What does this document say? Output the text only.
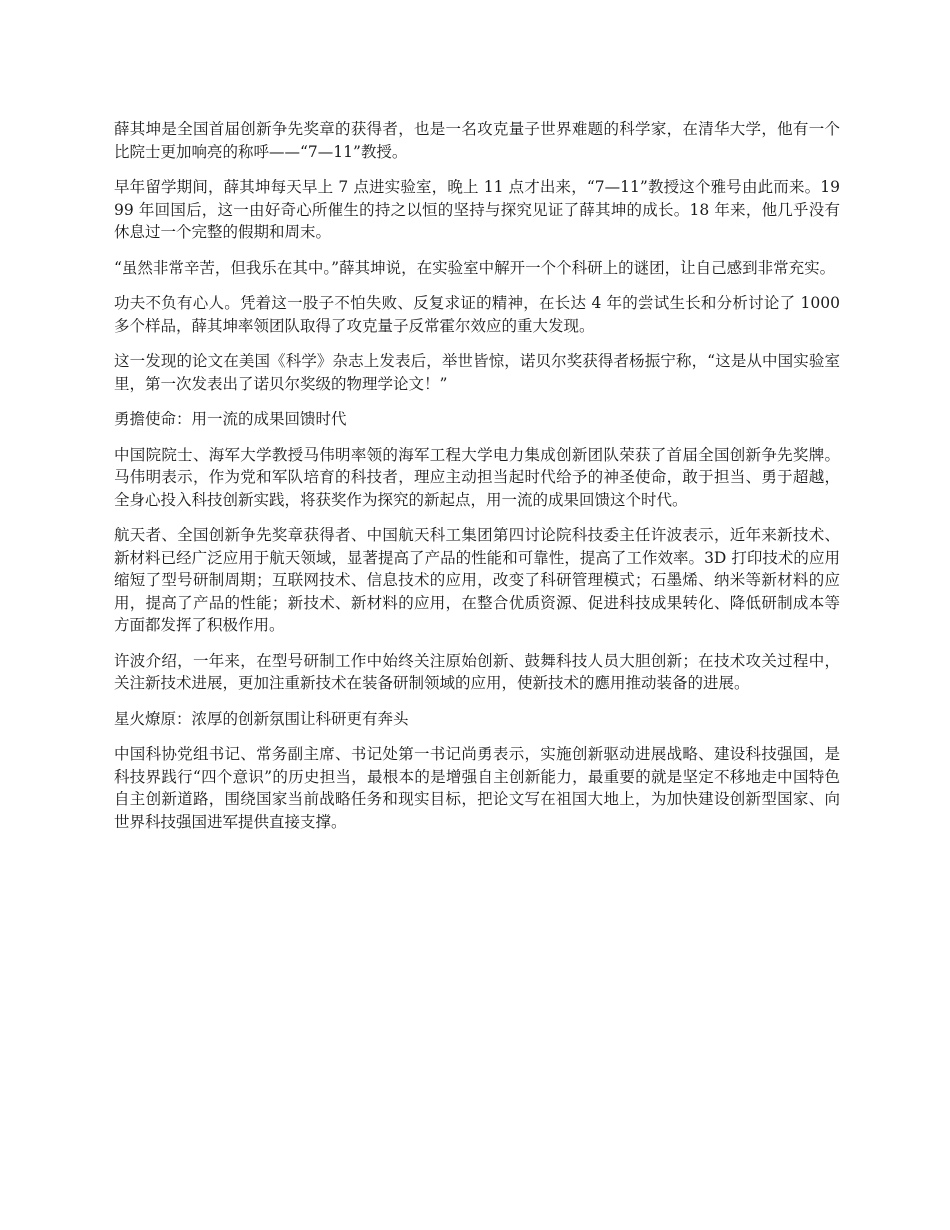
薛其坤是全国首届创新争先奖章的获得者，也是一名攻克量子世界难题的科学家，在清华大学，他有一个比院士更加响亮的称呼——“7—11”教授。

早年留学期间，薛其坤每天早上 7 点进实验室，晚上 11 点才出来，“7—11”教授这个雅号由此而来。1999 年回国后，这一由好奇心所催生的持之以恒的坚持与探究见证了薛其坤的成长。18 年来，他几乎没有休息过一个完整的假期和周末。

“虽然非常辛苦，但我乐在其中。”薛其坤说，在实验室中解开一个个科研上的谜团，让自己感到非常充实。

功夫不负有心人。凭着这一股子不怕失败、反复求证的精神，在长达 4 年的尝试生长和分析讨论了 1000 多个样品，薛其坤率领团队取得了攻克量子反常霍尔效应的重大发现。

这一发现的论文在美国《科学》杂志上发表后，举世皆惊，诺贝尔奖获得者杨振宁称，“这是从中国实验室里，第一次发表出了诺贝尔奖级的物理学论文！”

勇擔使命：用一流的成果回馈时代

中国院院士、海军大学教授马伟明率领的海军工程大学电力集成创新团队荣获了首届全国创新争先奖牌。马伟明表示，作为党和军队培育的科技者，理应主动担当起时代给予的神圣使命，敢于担当、勇于超越，全身心投入科技创新实践，将获奖作为探究的新起点，用一流的成果回馈这个时代。

航天者、全国创新争先奖章获得者、中国航天科工集团第四讨论院科技委主任许波表示，近年来新技术、新材料已经广泛应用于航天领域，显著提高了产品的性能和可靠性，提高了工作效率。3D 打印技术的应用缩短了型号研制周期；互联网技术、信息技术的应用，改变了科研管理模式；石墨烯、纳米等新材料的应用，提高了产品的性能；新技术、新材料的应用，在整合优质资源、促进科技成果转化、降低研制成本等方面都发挥了积极作用。

许波介绍，一年来，在型号研制工作中始终关注原始创新、鼓舞科技人员大胆创新；在技术攻关过程中，关注新技术进展，更加注重新技术在装备研制领域的应用，使新技术的應用推动装备的进展。

星火燎原：浓厚的创新氛围让科研更有奔头

中国科协党组书记、常务副主席、书记处第一书记尚勇表示，实施创新驱动进展战略、建设科技强国，是科技界践行“四个意识”的历史担当，最根本的是增强自主创新能力，最重要的就是坚定不移地走中国特色自主创新道路，围绕国家当前战略任务和现实目标，把论文写在祖国大地上，为加快建设创新型国家、向世界科技强国进军提供直接支撑。
